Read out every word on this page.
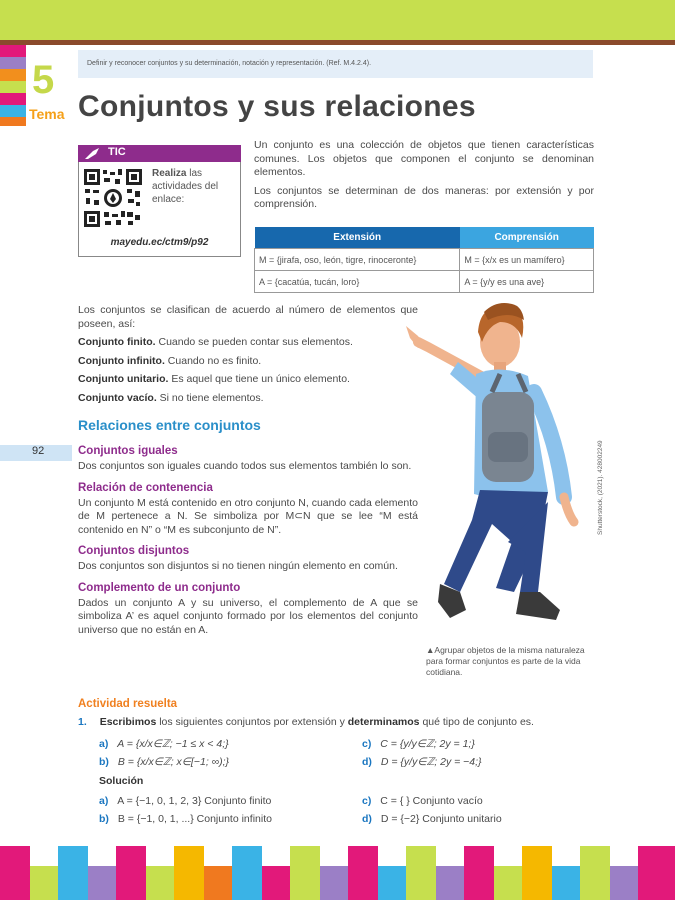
Definir y reconocer conjuntos y su determinación, notación y representación. (Ref. M.4.2.4).
5
Tema Conjuntos y sus relaciones
TIC
Realiza las actividades del enlace:
mayedu.ec/ctm9/p92

Un conjunto es una colección de objetos que tienen características comunes. Los objetos que componen el conjunto se denominan elementos.

Los conjuntos se determinan de dos maneras: por extensión y por comprensión.

Extensión	Comprensión
M = {jirafa, oso, león, tigre, rinoceronte}	M = {x/x es un mamífero}
A = {cacatúa, tucán, loro}	A = {y/y es una ave}

Los conjuntos se clasifican de acuerdo al número de elementos que poseen, así:

Conjunto finito. Cuando se pueden contar sus elementos.

Conjunto infinito. Cuando no es finito.

Conjunto unitario. Es aquel que tiene un único elemento.

Conjunto vacío. Si no tiene elementos.

Relaciones entre conjuntos
92	Conjuntos iguales

Dos conjuntos son iguales cuando todos sus elementos también lo son.

Relación de contenencia

Un conjunto M está contenido en otro conjunto N, cuando cada elemento de M pertenece a N. Se simboliza por M⊂N que se lee “M está contenido en N” o “M es subconjunto de N”.

Conjuntos disjuntos

Dos conjuntos son disjuntos si no tienen ningún elemento en común.

Complemento de un conjunto

Dados un conjunto A y su universo, el complemento de A que se simboliza A’ es aquel conjunto formado por los elementos del conjunto universo que no están en A.

▲Agrupar objetos de la misma naturaleza para formar conjuntos es parte de la vida cotidiana.
Shutterstock, (2021). 428002249
Actividad resuelta
1. Escribimos los siguientes conjuntos por extensión y determinamos qué tipo de conjunto es.
a) A = {x/x∈ℤ; −1 ≤ x < 4;}	c) C = {y/y∈ℤ; 2y = 1;}
b) B = {x/x∈ℤ; x∈[−1; ∞);}	d) D = {y/y∈ℤ; 2y = −4;}
Solución
a) A = {−1, 0, 1, 2, 3} Conjunto finito	c) C = { } Conjunto vacío
b) B = {−1, 0, 1, ...} Conjunto infinito	d) D = {−2} Conjunto unitario
